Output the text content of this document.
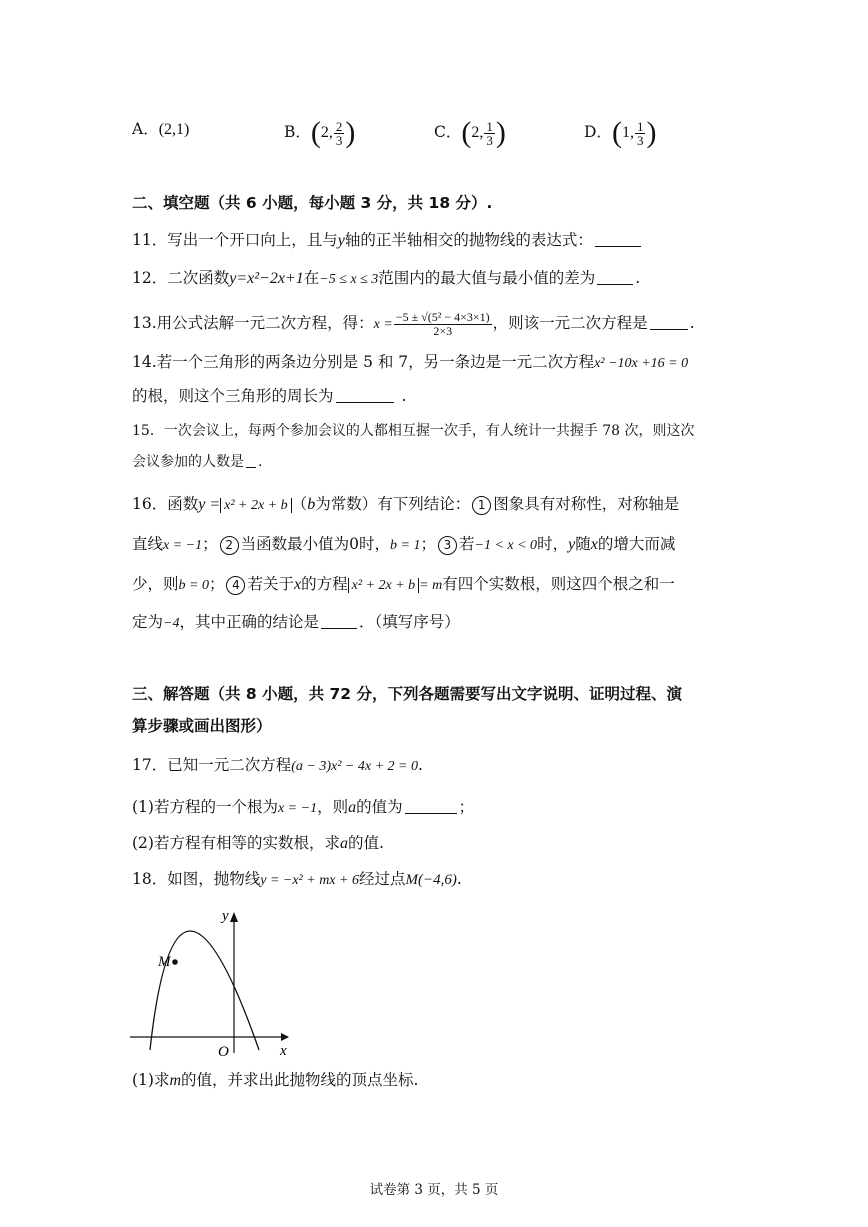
A．(2,1)	B．(2, $\frac{2}{3}$ )	C．(2, $\frac{1}{3}$ )	D．(1, $\frac{1}{3}$ )
二、填空题（共 6 小题，每小题 3 分，共 18 分）.
11．写出一个开口向上，且与y轴的正半轴相交的抛物线的表达式：
12．二次函数y=x²−2x+1在−5 ≤ x ≤ 3范围内的最大值与最小值的差为	.
13.用公式法解一元二次方程，得：$x = \frac{\text{−5 ± √(5² − 4×3×1)}}{2\times 3}$ ，则该一元二次方程是	.
14.若一个三角形的两条边分别是 5 和 7，另一条边是一元二次方程x² −10x +16 = 0
的根，则这个三角形的周长为	.
15．一次会议上，每两个参加会议的人都相互握一次手，有人统计一共握手 78 次，则这次
会议参加的人数是 .
16．函数y = x² + 2x + b （b为常数）有下列结论： 1 图象具有对称性，对称轴是
直线x = −1； 2 当函数最小值为0时，b = 1； 3 若−1 < x < 0时，y随x的增大而减
少，则b = 0； 4 若关于x的方程 x² + 2x + b = m有四个实数根，则这四个根之和一
定为−4，其中正确的结论是	．（填写序号）
三、解答题（共 8 小题，共 72 分，下列各题需要写出文字说明、证明过程、演
算步骤或画出图形）
17．已知一元二次方程(a − 3)x² − 4x + 2 = 0.
(1)若方程的一个根为x = −1，则a的值为	；
(2)若方程有相等的实数根，求a的值.
18．如图，抛物线y = −x² + mx + 6经过点M(−4,6).
M
y
x
O
(1)求m的值，并求出此抛物线的顶点坐标.
试卷第 3 页，共 5 页
